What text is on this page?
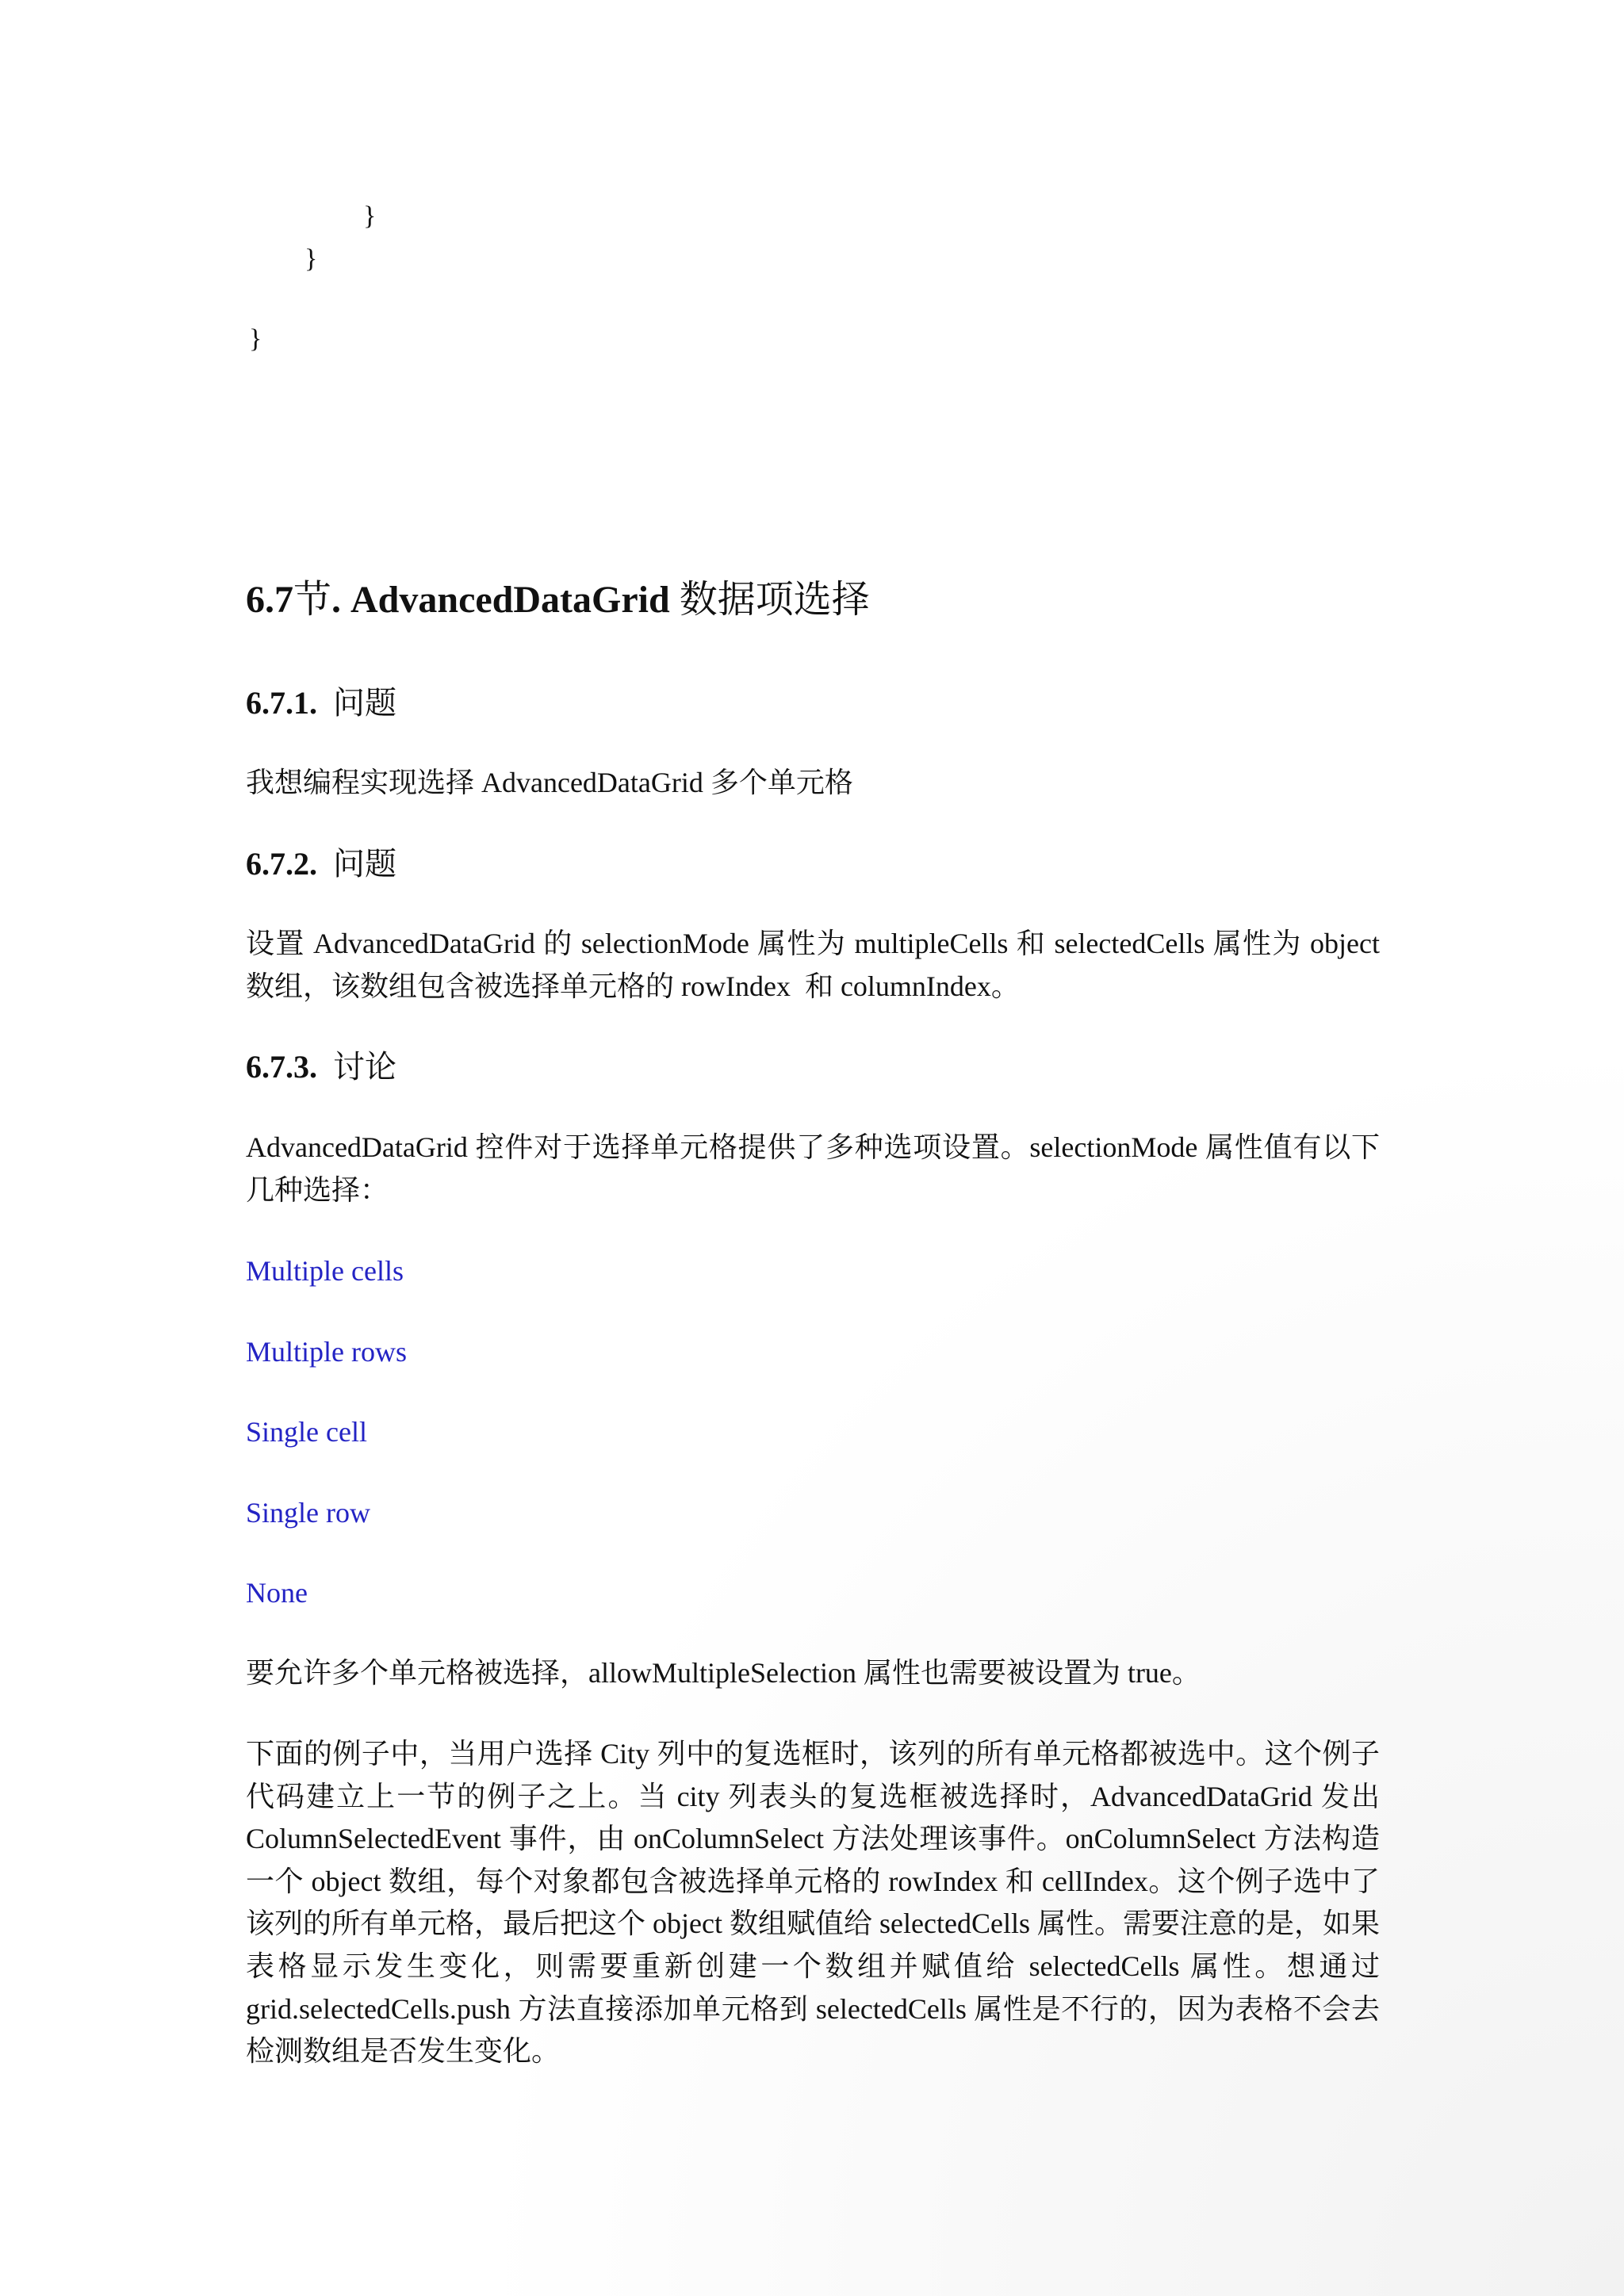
}
}
}
6.7节. AdvancedDataGrid 数据项选择
6.7.1. 问题
我想编程实现选择 AdvancedDataGrid 多个单元格
6.7.2. 问题
设置 AdvancedDataGrid 的 selectionMode 属性为 multipleCells 和 selectedCells 属性为 object
数组，该数组包含被选择单元格的 rowIndex  和 columnIndex。
6.7.3. 讨论
AdvancedDataGrid 控件对于选择单元格提供了多种选项设置。selectionMode 属性值有以下
几种选择：
Multiple cells
Multiple rows
Single cell
Single row
None
要允许多个单元格被选择，allowMultipleSelection 属性也需要被设置为 true。
下面的例子中，当用户选择 City 列中的复选框时，该列的所有单元格都被选中。这个例子
代码建立上一节的例子之上。当 city 列表头的复选框被选择时，AdvancedDataGrid 发出
ColumnSelectedEvent 事件，由 onColumnSelect 方法处理该事件。onColumnSelect 方法构造
一个 object 数组，每个对象都包含被选择单元格的 rowIndex 和 cellIndex。这个例子选中了
该列的所有单元格，最后把这个 object 数组赋值给 selectedCells 属性。需要注意的是，如果
表格显示发生变化，则需要重新创建一个数组并赋值给 selectedCells 属性。想通过
grid.selectedCells.push 方法直接添加单元格到 selectedCells 属性是不行的，因为表格不会去
检测数组是否发生变化。
